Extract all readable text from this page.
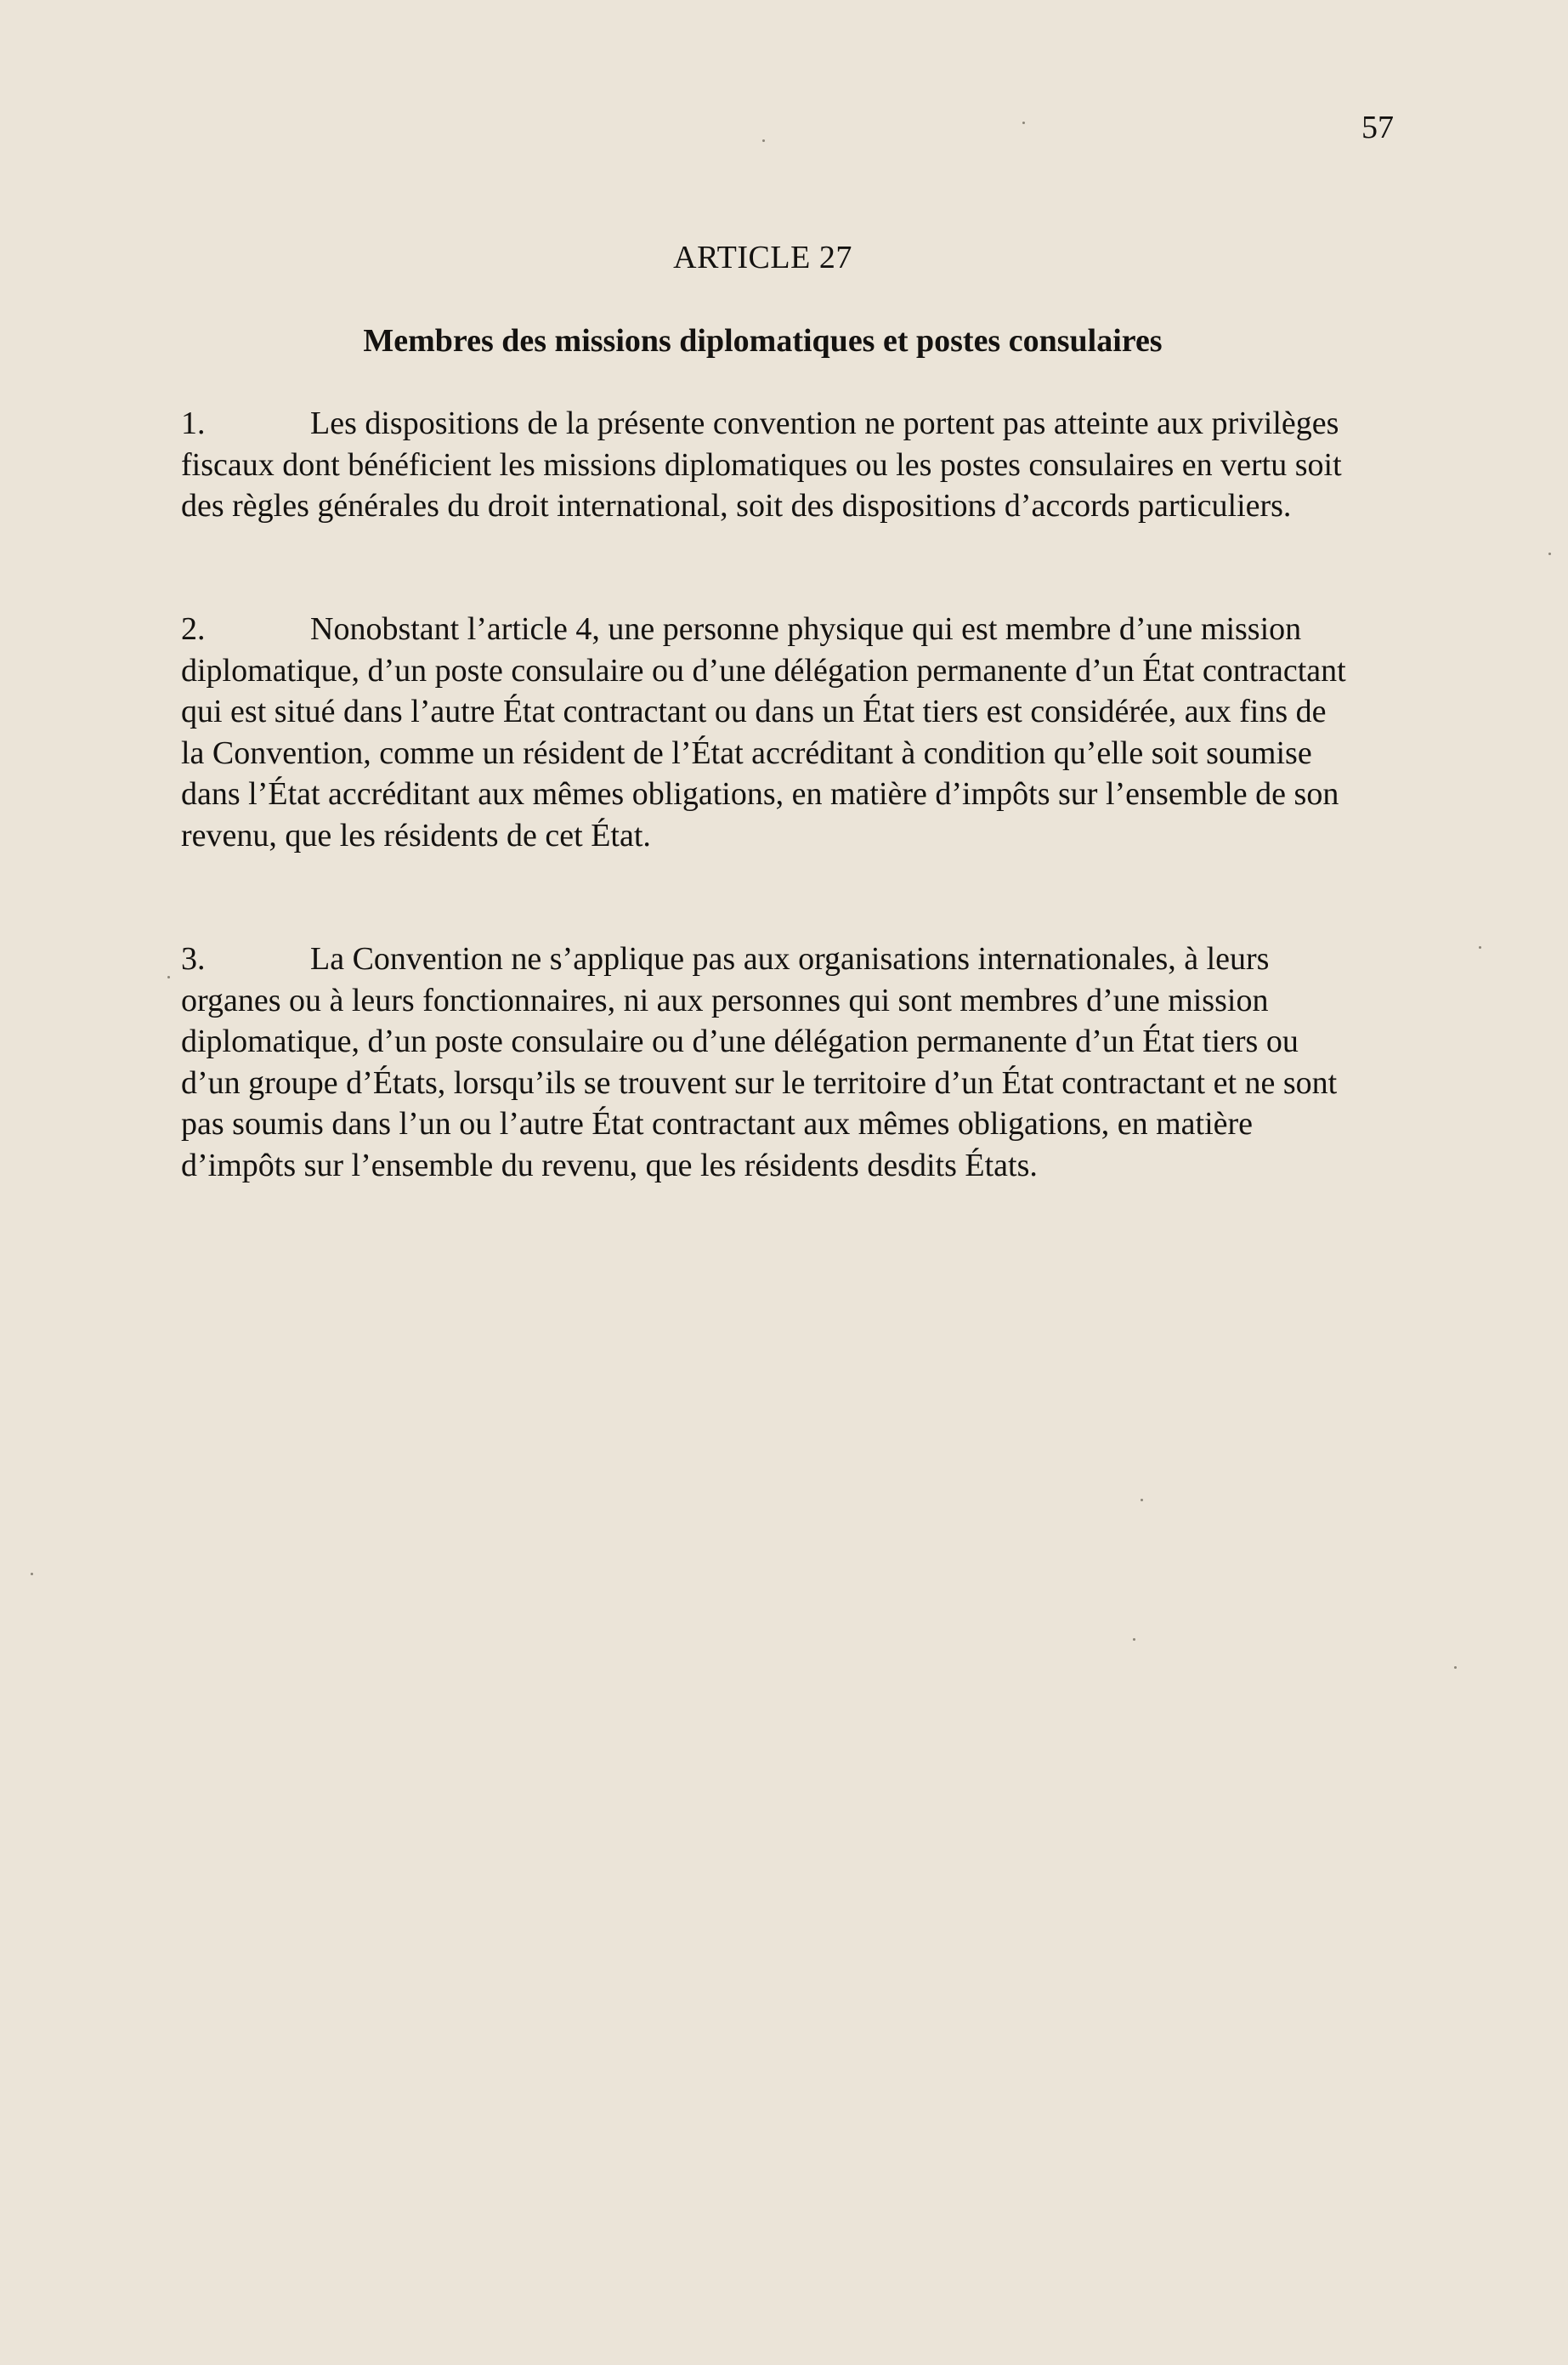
57
ARTICLE 27
Membres des missions diplomatiques et postes consulaires

1.	Les dispositions de la présente convention ne portent pas atteinte aux privilèges fiscaux dont bénéficient les missions diplomatiques ou les postes consulaires en vertu soit des règles générales du droit international, soit des dispositions d’accords particuliers.

2.	Nonobstant l’article 4, une personne physique qui est membre d’une mission diplomatique, d’un poste consulaire ou d’une délégation permanente d’un État contractant qui est situé dans l’autre État contractant ou dans un État tiers est considérée, aux fins de la Convention, comme un résident de l’État accréditant à condition qu’elle soit soumise dans l’État accréditant aux mêmes obligations, en matière d’impôts sur l’ensemble de son revenu, que les résidents de cet État.

3.	La Convention ne s’applique pas aux organisations internationales, à leurs organes ou à leurs fonctionnaires, ni aux personnes qui sont membres d’une mission diplomatique, d’un poste consulaire ou d’une délégation permanente d’un État tiers ou d’un groupe d’États, lorsqu’ils se trouvent sur le territoire d’un État contractant et ne sont pas soumis dans l’un ou l’autre État contractant aux mêmes obligations, en matière d’impôts sur l’ensemble du revenu, que les résidents desdits États.
